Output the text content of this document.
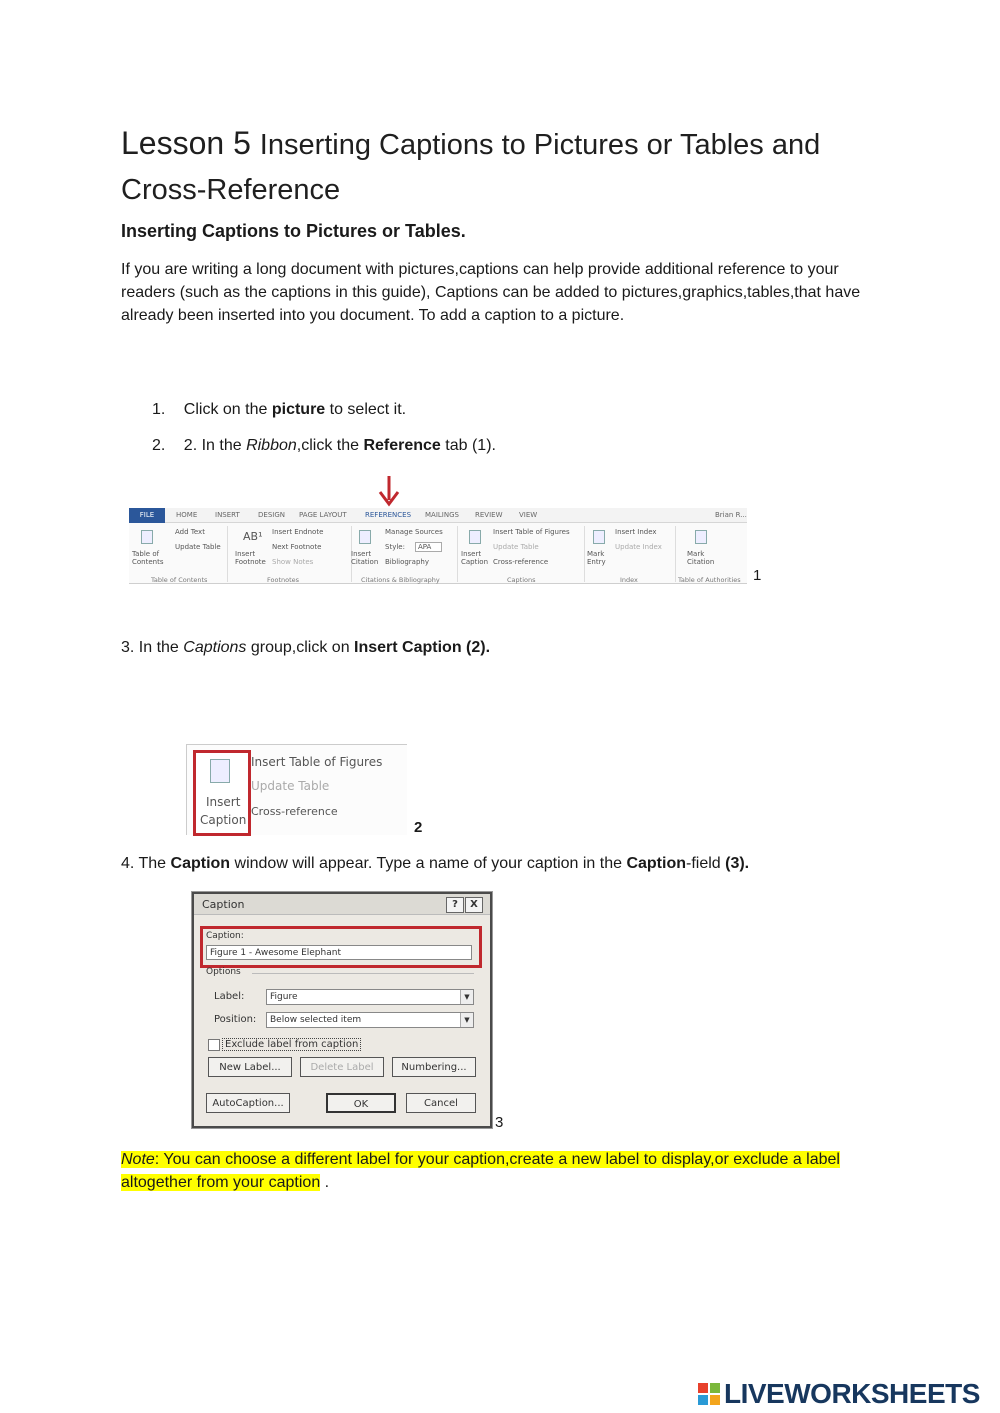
Lesson 5 Inserting Captions to Pictures or Tables and Cross-Reference
Inserting Captions to Pictures or Tables.
If you are writing a long document with pictures,captions can help provide additional reference to your readers (such as the captions in this guide), Captions can be added to pictures,graphics,tables,that have already been inserted into you document. To add a caption to a picture.
1. Click on the picture to select it.
2. 2. In the Ribbon,click the Reference tab (1).
FILE	HOME	INSERT	DESIGN PAGE LAYOUT	REFERENCES MAILINGS REVIEW VIEW	Brian R...
Table of Contents
Add Text
Update Table
AB¹
Insert Footnote
Insert Endnote
Next Footnote
Show Notes
Insert Citation
Manage Sources
Style:	APA
Bibliography
Insert Caption
Insert Table of Figures
Update Table
Cross-reference
Mark Entry
Insert Index
Update Index
Mark Citation
Table of Contents	Footnotes	Citations & Bibliography	Captions	Index	Table of Authorities 1
3. In the Captions group,click on Insert Caption (2).
Insert
Caption
Insert Table of Figures
Update Table
Cross-reference
2
4. The Caption window will appear. Type a name of your caption in the Caption-field (3).
Caption	?	X
Caption:
Figure 1 - Awesome Elephant
Options
Label:	Figure	▼
Position:	Below selected item	▼
Exclude label from caption
New Label...	Delete Label	Numbering...
AutoCaption...	OK	Cancel
3
Note: You can choose a different label for your caption,create a new label to display,or exclude a label altogether from your caption .
LIVEWORKSHEETS
